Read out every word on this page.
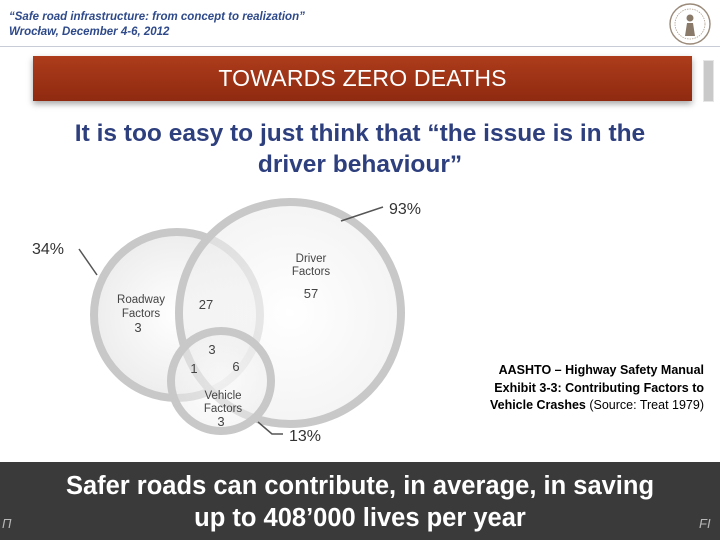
“Safe road infrastructure: from concept to realization”
Wrocław, December 4-6, 2012
TOWARDS ZERO DEATHS
It is too easy to just think that “the issue is in the
driver behaviour”
93%
34%
13%
Driver
Factors
57
Roadway
Factors
3
Vehicle
Factors
3
27
3
1	6	AASHTO – Highway Safety Manual
Exhibit 3-3: Contributing Factors to
Vehicle Crashes (Source: Treat 1979)
Π	FI
Safer roads can contribute, in average, in saving
up to 408’000 lives per year
